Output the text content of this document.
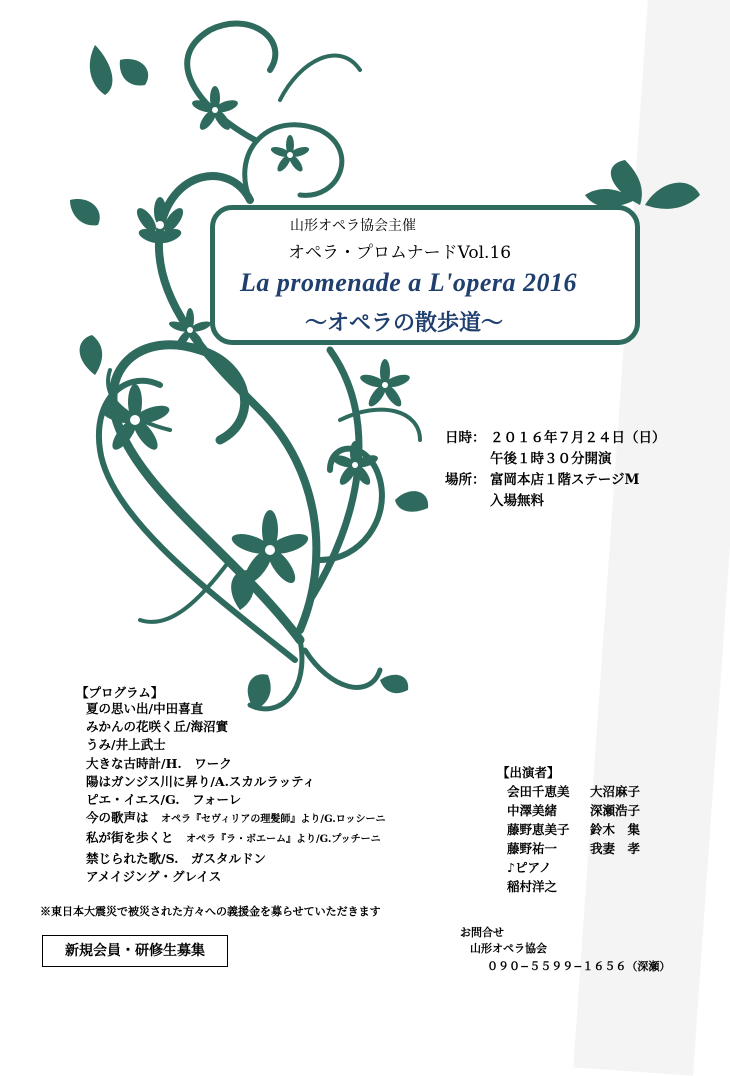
山形オペラ協会主催
オペラ・プロムナードVol.16
La promenade a L'opera 2016
～オペラの散歩道～
日時： ２０１６年７月２４日（日）
午後１時３０分開演
場所： 富岡本店１階ステージM
入場無料
【プログラム】
夏の思い出/中田喜直
みかんの花咲く丘/海沼實
うみ/井上武士
大きな古時計/H.　ワーク
陽はガンジス川に昇り/A.スカルラッティ
ピエ・イエス/G.　フォーレ
今の歌声は　 オペラ『セヴィリアの理髪師』より/G.ロッシーニ
私が街を歩くと　 オペラ『ラ・ボエーム』より/G.プッチーニ
禁じられた歌/S.　ガスタルドン
アメイジング・グレイス
【出演者】
会田千恵美
中澤美緒
藤野恵美子
藤野祐一
♪ピアノ
稲村洋之
大沼麻子
深瀬浩子
鈴木　集
我妻　孝
※東日本大震災で被災された方々への義援金を募らせていただきます
新規会員・研修生募集
お問合せ
山形オペラ協会
０９０−５５９９−１６５６（深瀬）
